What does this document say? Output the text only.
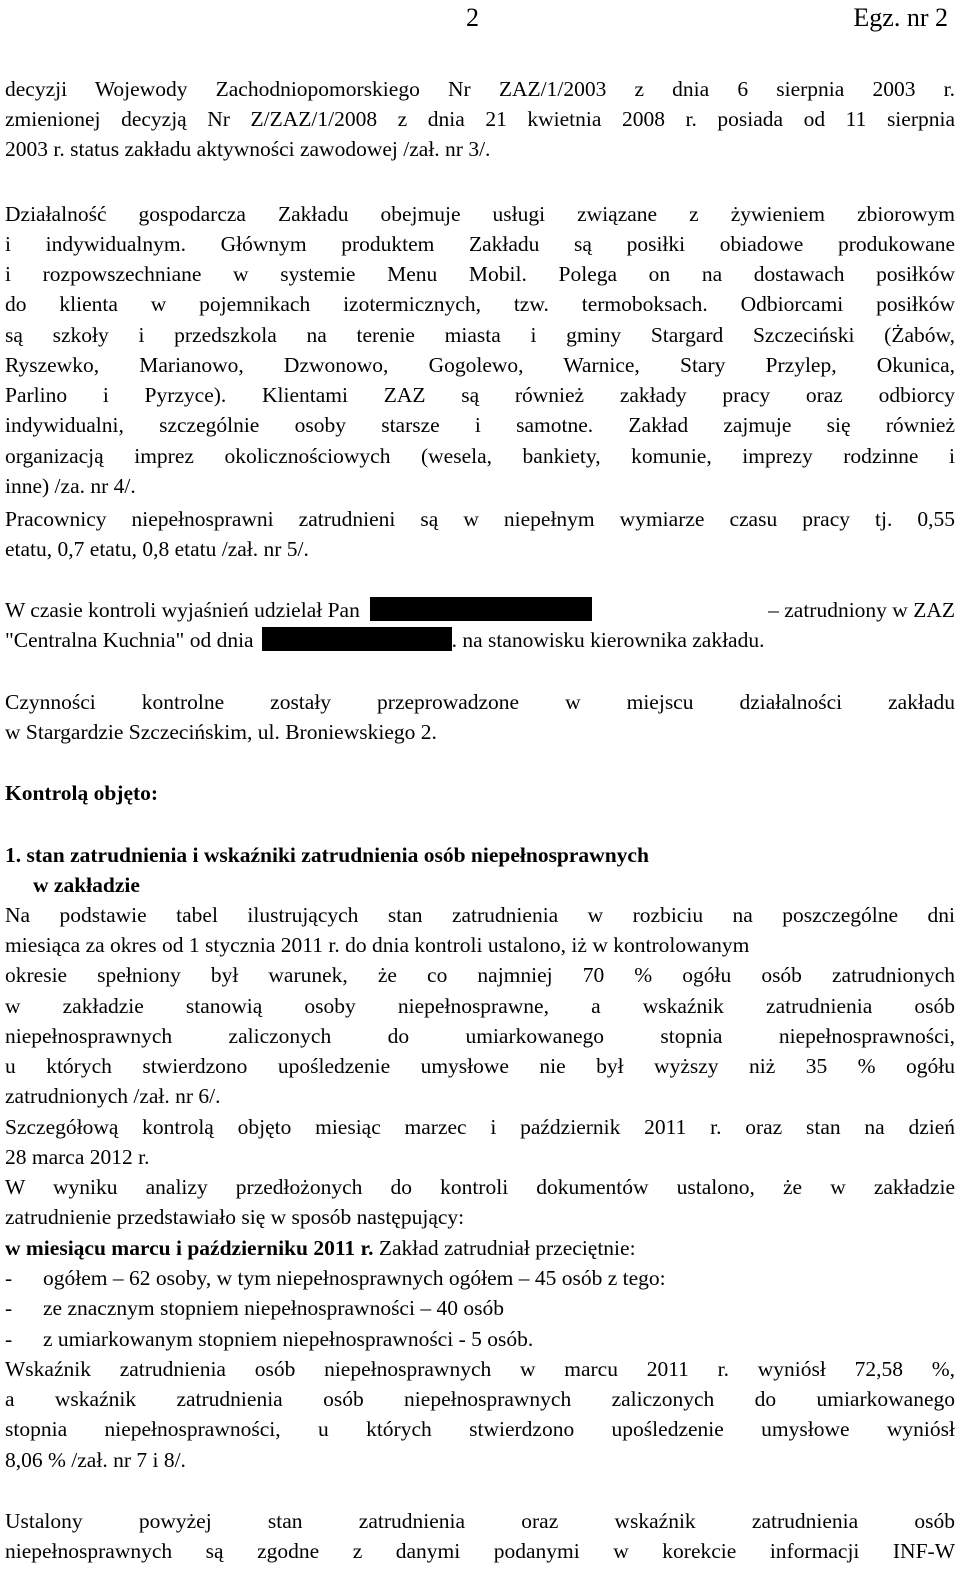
2	Egz. nr 2
decyzji Wojewody Zachodniopomorskiego Nr ZAZ/1/2003 z dnia 6 sierpnia 2003 r.
zmienionej decyzją Nr Z/ZAZ/1/2008 z dnia 21 kwietnia 2008 r. posiada od 11 sierpnia
2003 r. status zakładu aktywności zawodowej /zał. nr 3/.
Działalność gospodarcza Zakładu obejmuje usługi związane z żywieniem zbiorowym
i indywidualnym. Głównym produktem Zakładu są posiłki obiadowe produkowane
i rozpowszechniane w systemie Menu Mobil. Polega on na dostawach posiłków
do klienta w pojemnikach izotermicznych, tzw. termoboksach. Odbiorcami posiłków
są szkoły i przedszkola na terenie miasta i gminy Stargard Szczeciński (Żabów,
Ryszewko, Marianowo, Dzwonowo, Gogolewo, Warnice, Stary Przylep, Okunica,
Parlino i Pyrzyce). Klientami ZAZ są również zakłady pracy oraz odbiorcy
indywidualni, szczególnie osoby starsze i samotne. Zakład zajmuje się również
organizacją imprez okolicznościowych (wesela, bankiety, komunie, imprezy rodzinne i
inne) /za. nr 4/.
Pracownicy niepełnosprawni zatrudnieni są w niepełnym wymiarze czasu pracy tj. 0,55
etatu, 0,7 etatu, 0,8 etatu /zał. nr 5/.
W czasie kontroli wyjaśnień udzielał Pan	– zatrudniony w ZAZ
"Centralna Kuchnia" od dnia	. na stanowisku kierownika zakładu.
Czynności kontrolne zostały przeprowadzone w miejscu działalności zakładu
w Stargardzie Szczecińskim, ul. Broniewskiego 2.
Kontrolą objęto:
1. stan zatrudnienia i wskaźniki zatrudnienia osób niepełnosprawnych
w zakładzie
Na podstawie tabel ilustrujących stan zatrudnienia w rozbiciu na poszczególne dni
miesiąca za okres od 1 stycznia 2011 r. do dnia kontroli ustalono, iż w kontrolowanym
okresie spełniony był warunek, że co najmniej 70 % ogółu osób zatrudnionych
w zakładzie stanowią osoby niepełnosprawne, a wskaźnik zatrudnienia osób
niepełnosprawnych zaliczonych do umiarkowanego stopnia niepełnosprawności,
u których stwierdzono upośledzenie umysłowe nie był wyższy niż 35 % ogółu
zatrudnionych /zał. nr 6/.
Szczegółową kontrolą objęto miesiąc marzec i październik 2011 r. oraz stan na dzień
28 marca 2012 r.
W wyniku analizy przedłożonych do kontroli dokumentów ustalono, że w zakładzie
zatrudnienie przedstawiało się w sposób następujący:
w miesiącu marcu i październiku 2011 r. Zakład zatrudniał przeciętnie:
- ogółem – 62 osoby, w tym niepełnosprawnych ogółem – 45 osób z tego:
- ze znacznym stopniem niepełnosprawności – 40 osób
- z umiarkowanym stopniem niepełnosprawności - 5 osób.
Wskaźnik zatrudnienia osób niepełnosprawnych w marcu 2011 r. wyniósł 72,58 %,
a wskaźnik zatrudnienia osób niepełnosprawnych zaliczonych do umiarkowanego
stopnia niepełnosprawności, u których stwierdzono upośledzenie umysłowe wyniósł
8,06 % /zał. nr 7 i 8/.
Ustalony powyżej stan zatrudnienia oraz wskaźnik zatrudnienia osób
niepełnosprawnych są zgodne z danymi podanymi w korekcie informacji INF-W
